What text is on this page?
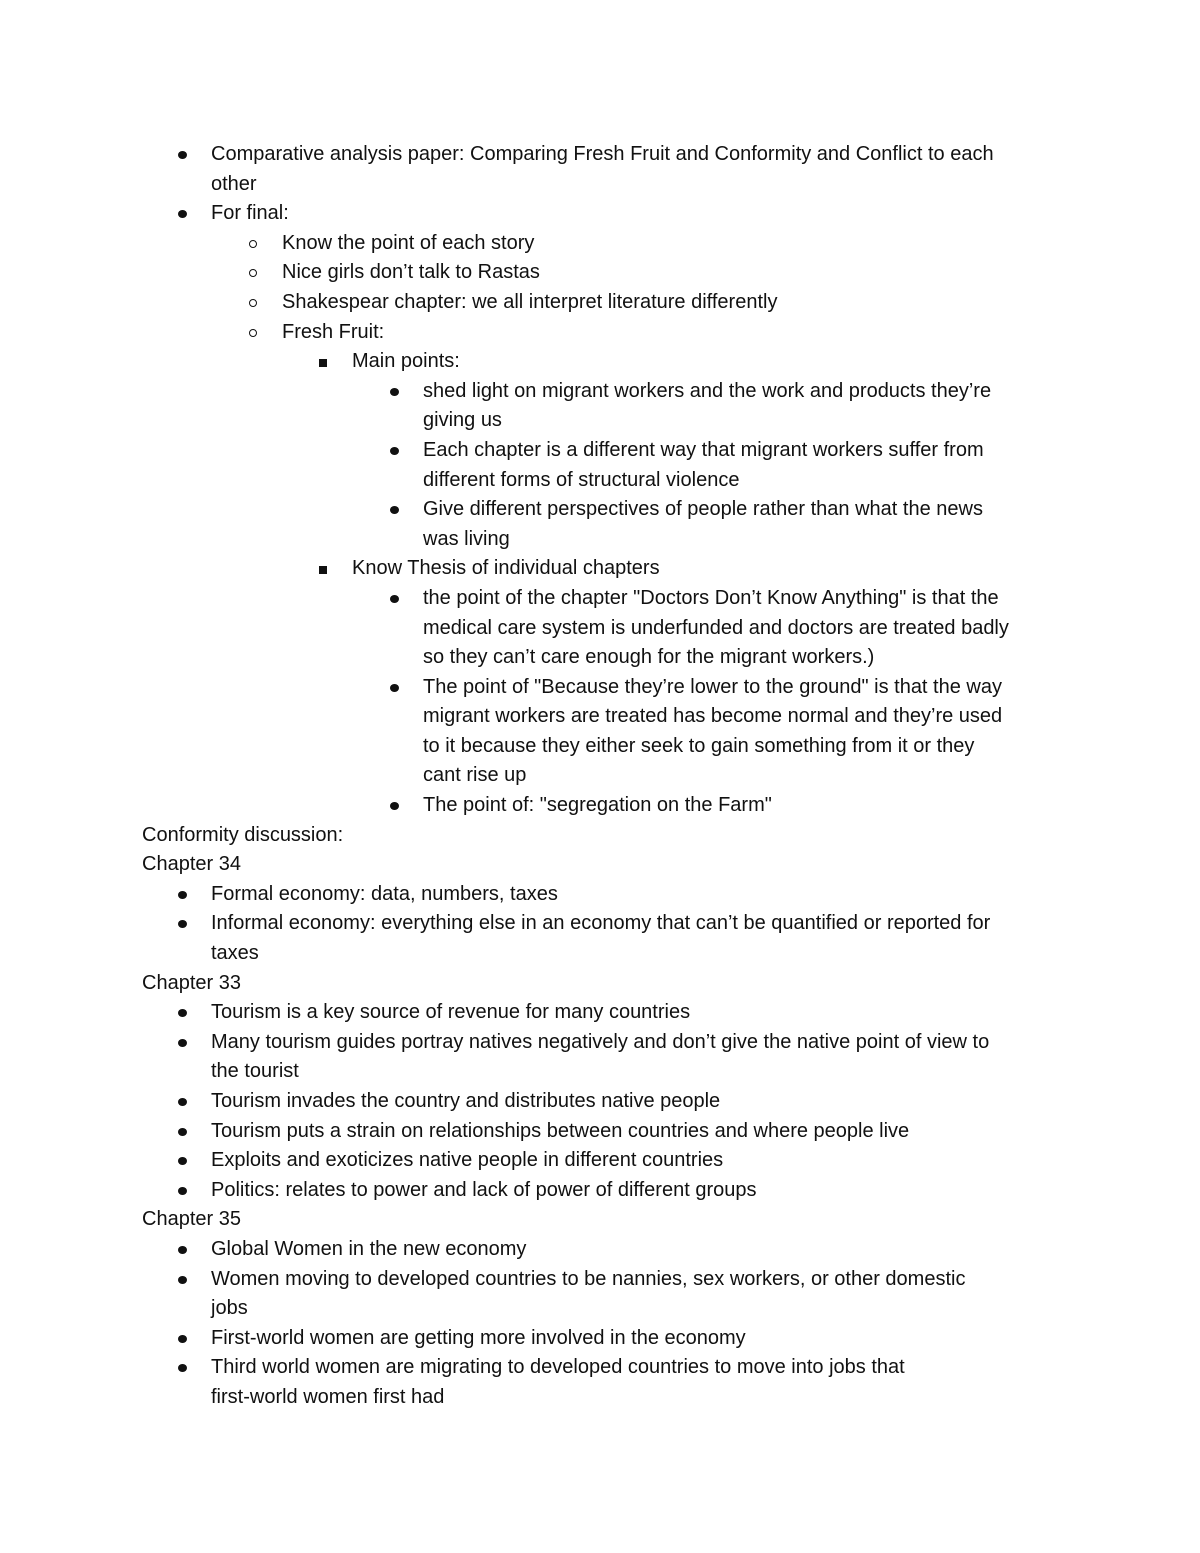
Comparative analysis paper: Comparing Fresh Fruit and Conformity and Conflict to each
other
For final:
Know the point of each story
Nice girls don’t talk to Rastas
Shakespear chapter: we all interpret literature differently
Fresh Fruit:
Main points:
shed light on migrant workers and the work and products they’re
giving us
Each chapter is a different way that migrant workers suffer from
different forms of structural violence
Give different perspectives of people rather than what the news
was living
Know Thesis of individual chapters
the point of the chapter "Doctors Don’t Know Anything" is that the
medical care system is underfunded and doctors are treated badly
so they can’t care enough for the migrant workers.)
The point of "Because they’re lower to the ground" is that the way
migrant workers are treated has become normal and they’re used
to it because they either seek to gain something from it or they
cant rise up
The point of: "segregation on the Farm"
Conformity discussion:
Chapter 34
Formal economy: data, numbers, taxes
Informal economy: everything else in an economy that can’t be quantified or reported for
taxes
Chapter 33
Tourism is a key source of revenue for many countries
Many tourism guides portray natives negatively and don’t give the native point of view to
the tourist
Tourism invades the country and distributes native people
Tourism puts a strain on relationships between countries and where people live
Exploits and exoticizes native people in different countries
Politics: relates to power and lack of power of different groups
Chapter 35
Global Women in the new economy
Women moving to developed countries to be nannies, sex workers, or other domestic
jobs
First-world women are getting more involved in the economy
Third world women are migrating to developed countries to move into jobs that
first-world women first had
